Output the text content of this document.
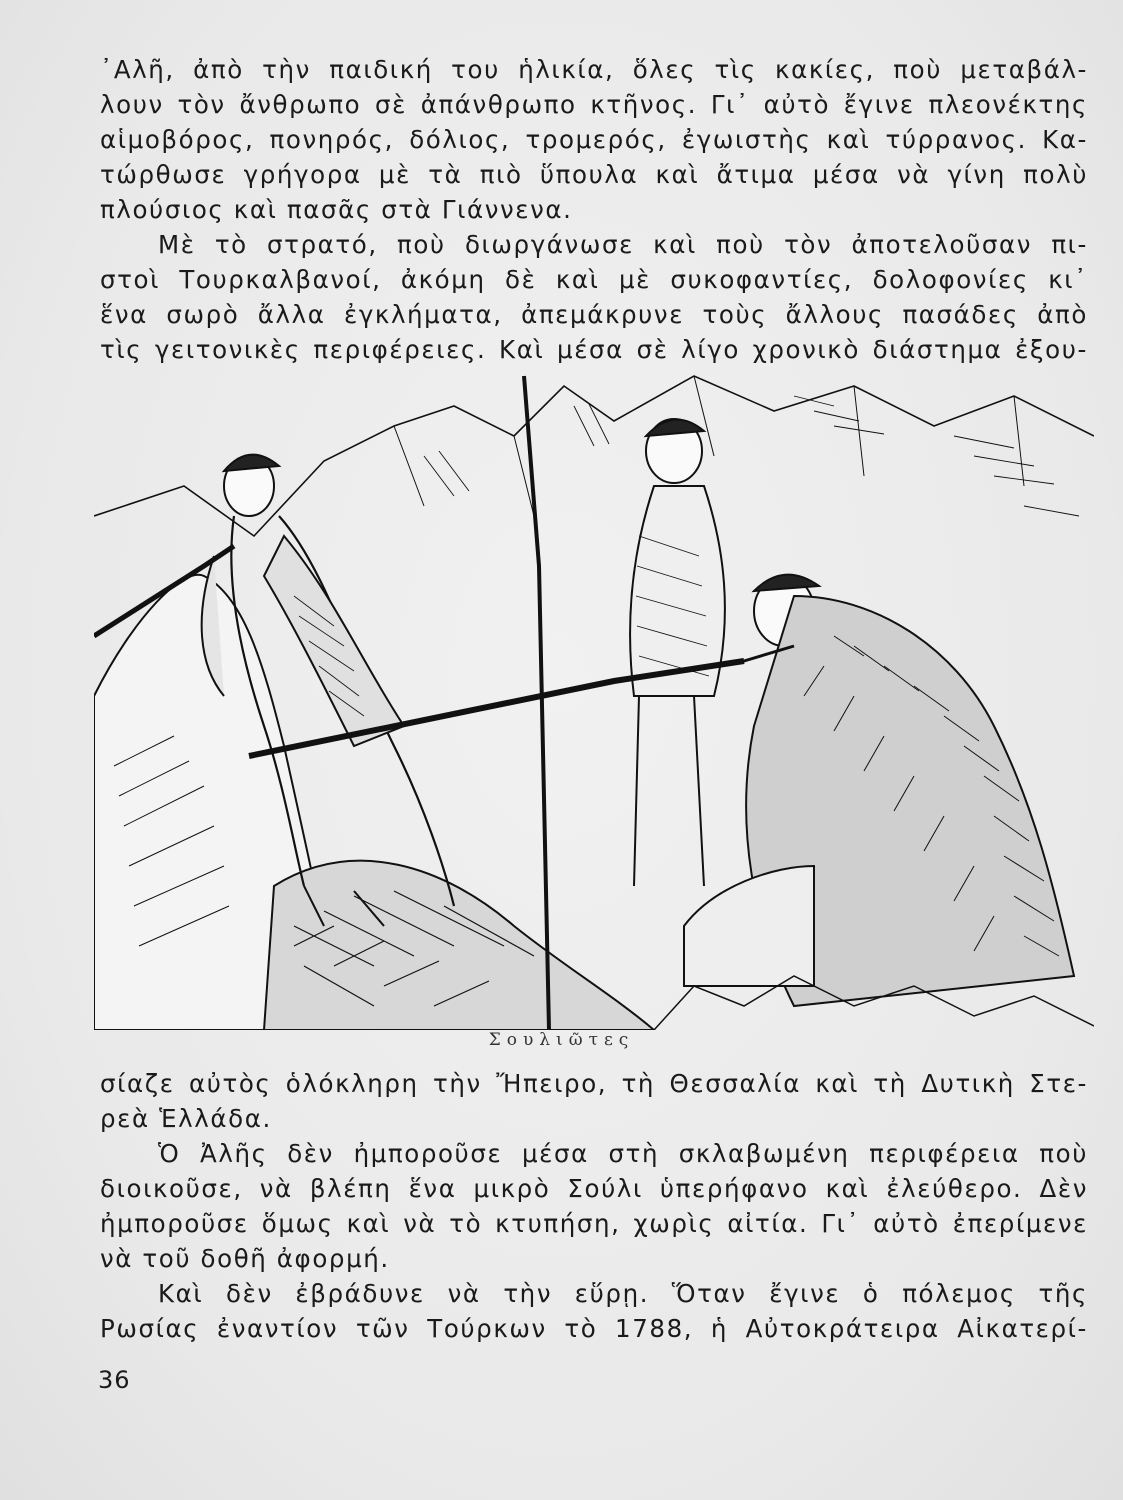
᾽Αλῆ, ἀπὸ τὴν παιδική του ἡλικία, ὅλες τὶς κακίες, ποὺ μεταβάλ-
λουν τὸν ἄνθρωπο σὲ ἀπάνθρωπο κτῆνος. Γι᾽ αὐτὸ ἔγινε πλεονέκτης
αἱμοβόρος, πονηρός, δόλιος, τρομερός, ἐγωιστὴς καὶ τύρρανος. Κα-
τώρθωσε γρήγορα μὲ τὰ πιὸ ὕπουλα καὶ ἄτιμα μέσα νὰ γίνη πολὺ
πλούσιος καὶ πασᾶς στὰ Γιάννενα.
Μὲ τὸ στρατό, ποὺ διωργάνωσε καὶ ποὺ τὸν ἀποτελοῦσαν πι-
στοὶ Τουρκαλβανοί, ἀκόμη δὲ καὶ μὲ συκοφαντίες, δολοφονίες κι᾽
ἕνα σωρὸ ἄλλα ἐγκλήματα, ἀπεμάκρυνε τοὺς ἄλλους πασάδες ἀπὸ
τὶς γειτονικὲς περιφέρειες. Καὶ μέσα σὲ λίγο χρονικὸ διάστημα ἐξου-
Σουλιῶτες
σίαζε αὐτὸς ὁλόκληρη τὴν Ἤπειρο, τὴ Θεσσαλία καὶ τὴ Δυτικὴ Στε-
ρεὰ Ἑλλάδα.
Ὁ Ἀλῆς δὲν ἠμποροῦσε μέσα στὴ σκλαβωμένη περιφέρεια ποὺ
διοικοῦσε, νὰ βλέπη ἕνα μικρὸ Σούλι ὑπερήφανο καὶ ἐλεύθερο. Δὲν
ἠμποροῦσε ὅμως καὶ νὰ τὸ κτυπήση, χωρὶς αἰτία. Γι᾽ αὐτὸ ἐπερίμενε
νὰ τοῦ δοθῆ ἀφορμή.
Καὶ δὲν ἐβράδυνε νὰ τὴν εὕρῃ. Ὅταν ἔγινε ὁ πόλεμος τῆς
Ρωσίας ἐναντίον τῶν Τούρκων τὸ 1788, ἡ Αὐτοκράτειρα Αἰκατερί-
36
